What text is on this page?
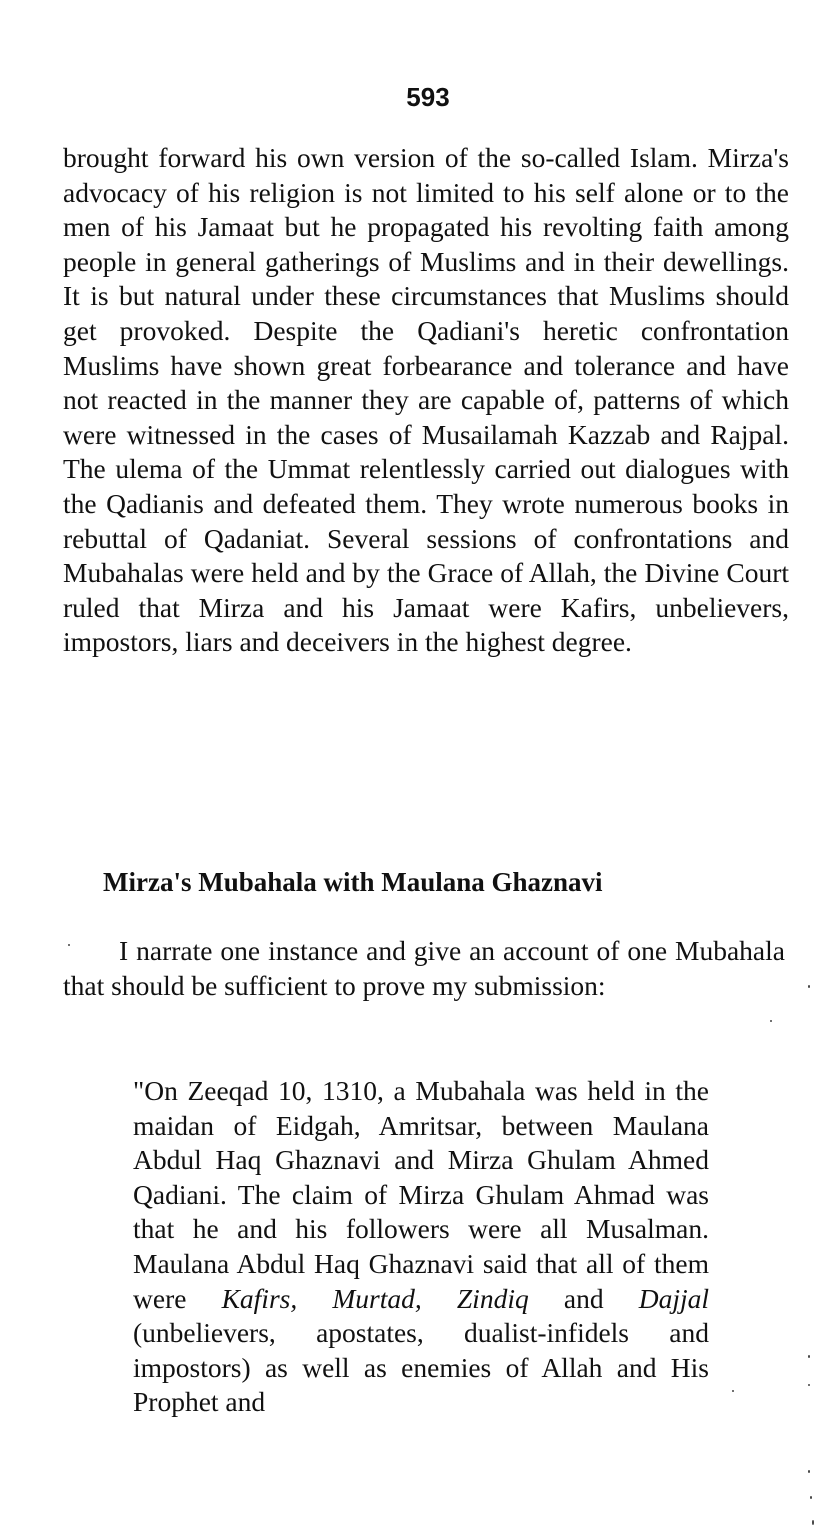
593

brought forward his own version of the so-called Islam. Mirza's advocacy of his religion is not limited to his self alone or to the men of his Jamaat but he propagated his revolting faith among people in general gatherings of Muslims and in their dewellings. It is but natural under these circumstances that Muslims should get provoked. Despite the Qadiani's heretic confrontation Muslims have shown great forbearance and tolerance and have not reacted in the manner they are capable of, patterns of which were witnessed in the cases of Musailamah Kazzab and Rajpal. The ulema of the Ummat relentlessly carried out dialogues with the Qadianis and defeated them. They wrote numerous books in rebuttal of Qadaniat. Several sessions of confrontations and Mubahalas were held and by the Grace of Allah, the Divine Court ruled that Mirza and his Jamaat were Kafirs, unbelievers, impostors, liars and deceivers in the highest degree.

Mirza's Mubahala with Maulana Ghaznavi

I narrate one instance and give an account of one Mubahala that should be sufficient to prove my submission:

"On Zeeqad 10, 1310, a Mubahala was held in the maidan of Eidgah, Amritsar, between Maulana Abdul Haq Ghaznavi and Mirza Ghulam Ahmed Qadiani. The claim of Mirza Ghulam Ahmad was that he and his followers were all Musalman. Maulana Abdul Haq Ghaznavi said that all of them were Kafirs, Murtad, Zindiq and Dajjal (unbelievers, apostates, dualist-infidels and impostors) as well as enemies of Allah and His Prophet and
